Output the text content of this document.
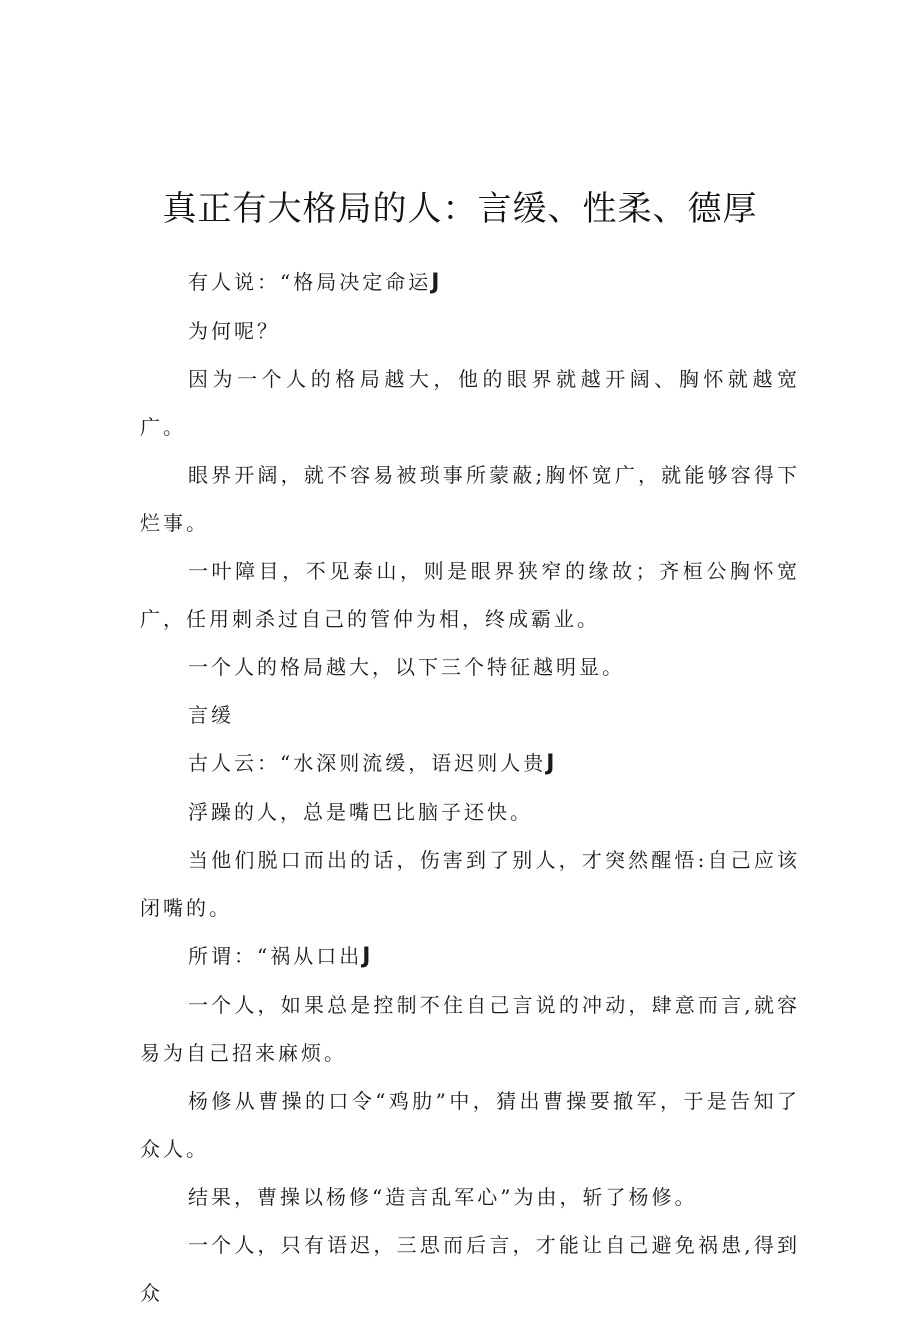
真正有大格局的人：言缓、性柔、德厚

有人说：“格局决定命运J

为何呢？

因为一个人的格局越大，他的眼界就越开阔、胸怀就越宽广。

眼界开阔，就不容易被琐事所蒙蔽;胸怀宽广，就能够容得下烂事。

一叶障目，不见泰山，则是眼界狭窄的缘故；齐桓公胸怀宽广，任用刺杀过自己的管仲为相，终成霸业。

一个人的格局越大，以下三个特征越明显。

言缓

古人云：“水深则流缓，语迟则人贵J

浮躁的人，总是嘴巴比脑子还快。

当他们脱口而出的话，伤害到了别人，才突然醒悟:自己应该闭嘴的。

所谓：“祸从口出J

一个人，如果总是控制不住自己言说的冲动，肆意而言,就容易为自己招来麻烦。

杨修从曹操的口令“鸡肋”中，猜出曹操要撤军，于是告知了众人。

结果，曹操以杨修“造言乱军心”为由，斩了杨修。

一个人，只有语迟，三思而后言，才能让自己避免祸患,得到众
